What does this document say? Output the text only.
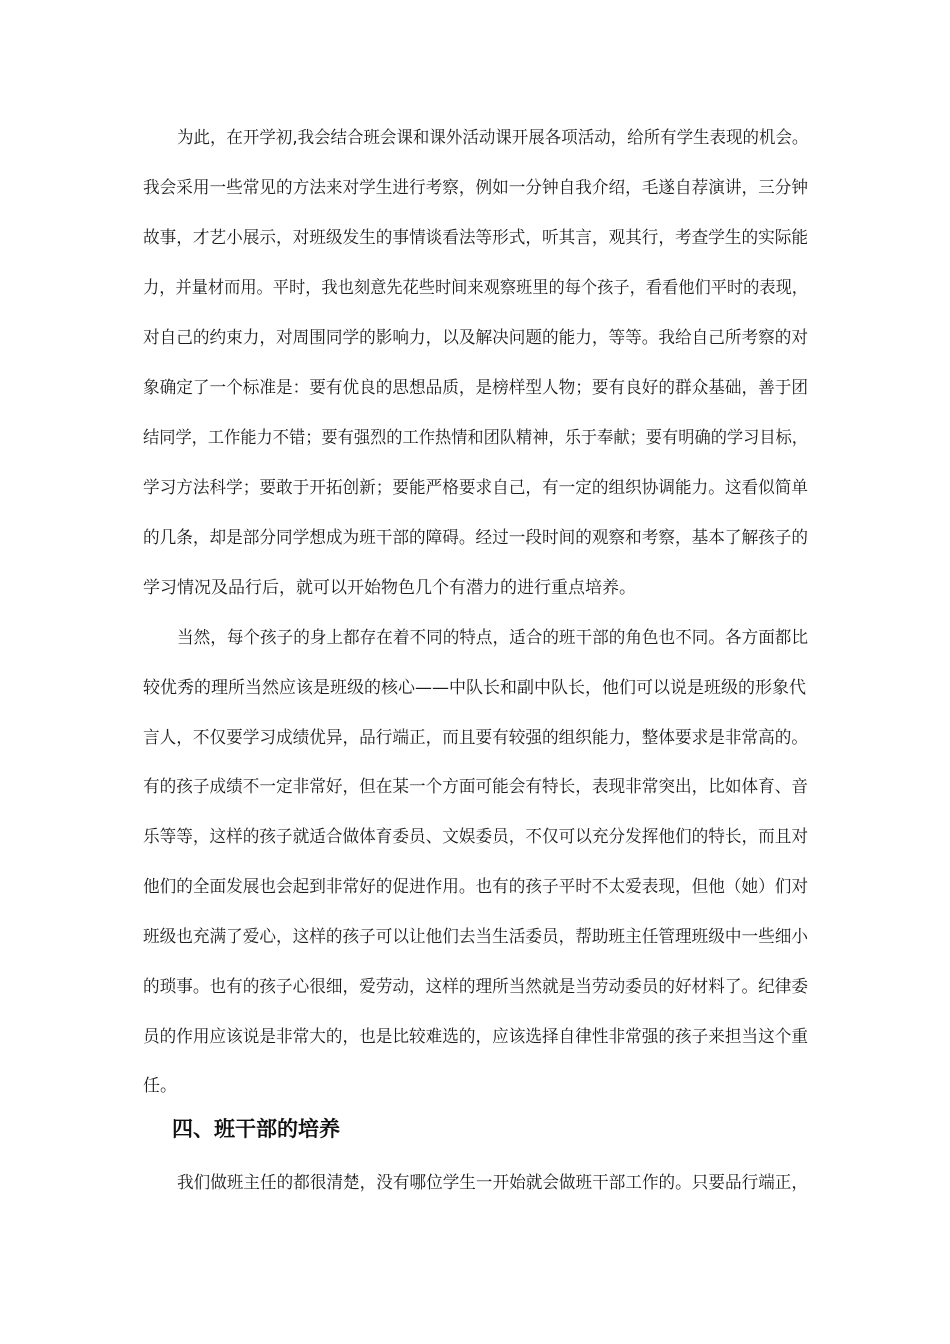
为此，在开学初,我会结合班会课和课外活动课开展各项活动，给所有学生表现的机会。
我会采用一些常见的方法来对学生进行考察，例如一分钟自我介绍，毛遂自荐演讲，三分钟
故事，才艺小展示，对班级发生的事情谈看法等形式，听其言，观其行，考查学生的实际能
力，并量材而用。平时，我也刻意先花些时间来观察班里的每个孩子，看看他们平时的表现，
对自己的约束力，对周围同学的影响力，以及解决问题的能力，等等。我给自己所考察的对
象确定了一个标准是：要有优良的思想品质，是榜样型人物；要有良好的群众基础，善于团
结同学，工作能力不错；要有强烈的工作热情和团队精神，乐于奉献；要有明确的学习目标，
学习方法科学；要敢于开拓创新；要能严格要求自己，有一定的组织协调能力。这看似简单
的几条，却是部分同学想成为班干部的障碍。经过一段时间的观察和考察，基本了解孩子的
学习情况及品行后，就可以开始物色几个有潜力的进行重点培养。
当然，每个孩子的身上都存在着不同的特点，适合的班干部的角色也不同。各方面都比
较优秀的理所当然应该是班级的核心——中队长和副中队长，他们可以说是班级的形象代
言人，不仅要学习成绩优异，品行端正，而且要有较强的组织能力，整体要求是非常高的。
有的孩子成绩不一定非常好，但在某一个方面可能会有特长，表现非常突出，比如体育、音
乐等等，这样的孩子就适合做体育委员、文娱委员，不仅可以充分发挥他们的特长，而且对
他们的全面发展也会起到非常好的促进作用。也有的孩子平时不太爱表现，但他（她）们对
班级也充满了爱心，这样的孩子可以让他们去当生活委员，帮助班主任管理班级中一些细小
的琐事。也有的孩子心很细，爱劳动，这样的理所当然就是当劳动委员的好材料了。纪律委
员的作用应该说是非常大的，也是比较难选的，应该选择自律性非常强的孩子来担当这个重
任。
四、班干部的培养
我们做班主任的都很清楚，没有哪位学生一开始就会做班干部工作的。只要品行端正，
